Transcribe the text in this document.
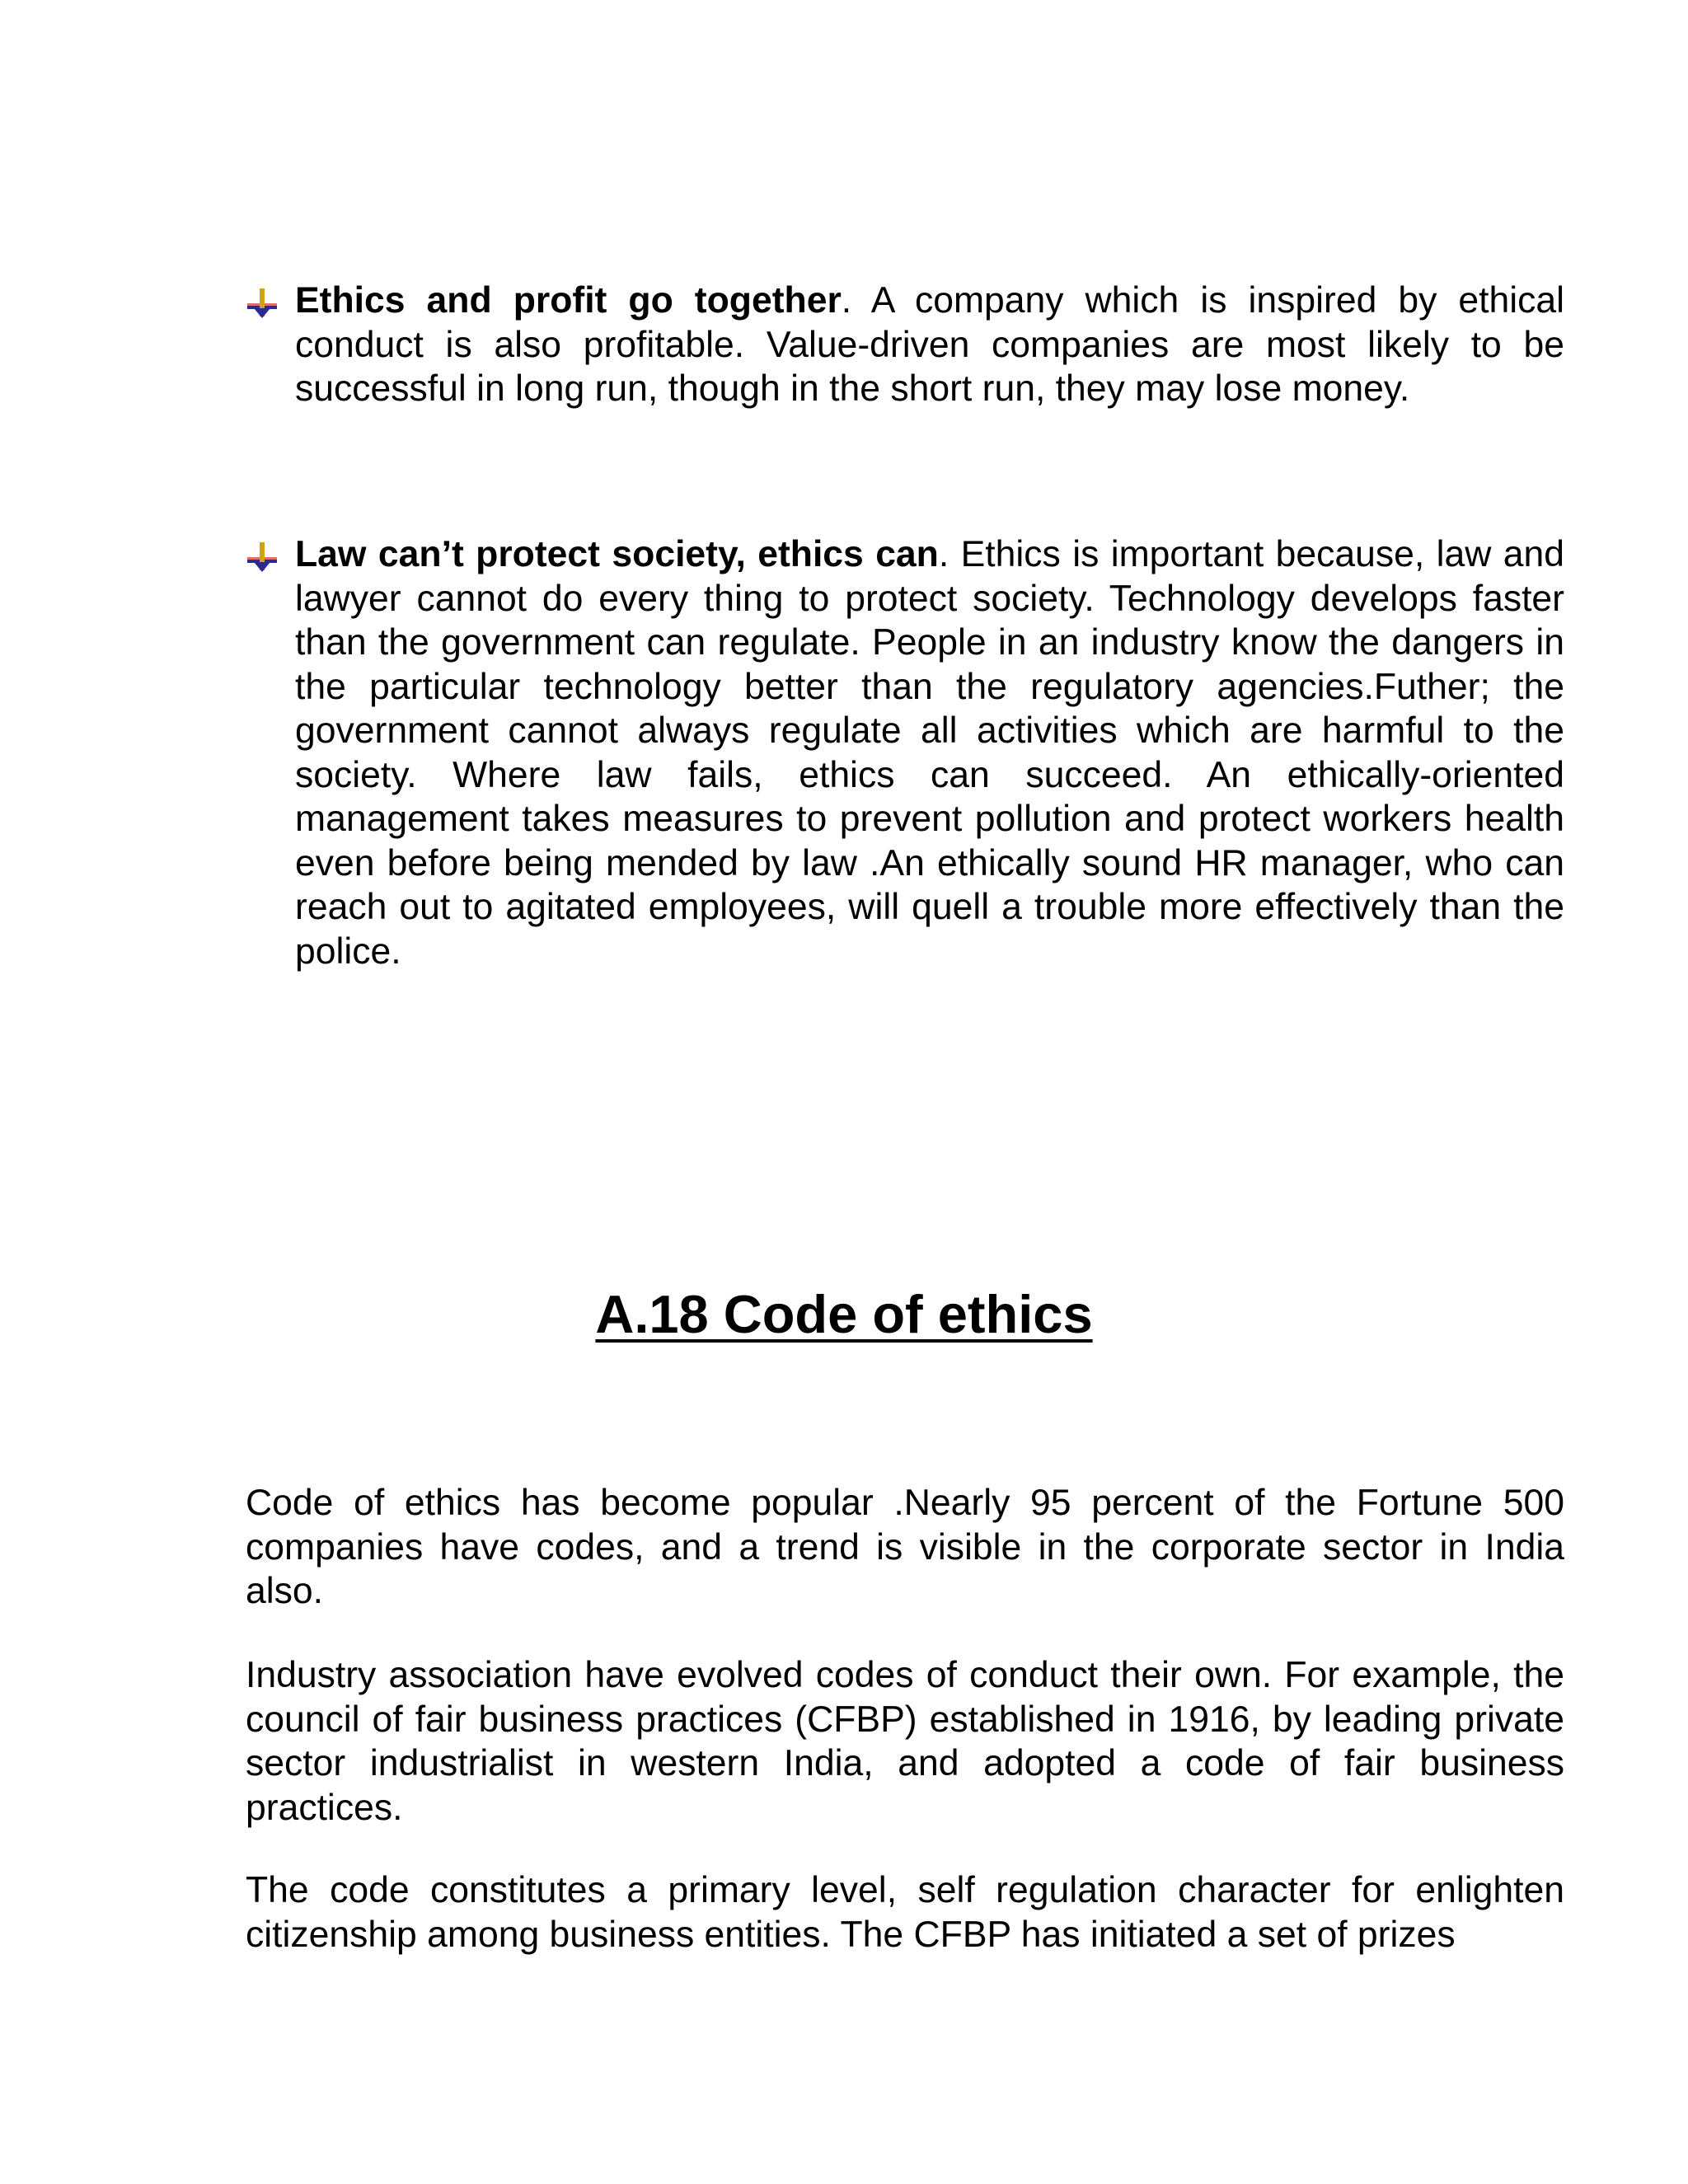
Ethics and profit go together. A company which is inspired by ethical conduct is also profitable. Value-driven companies are most likely to be successful in long run, though in the short run, they may lose money.
Law can’t protect society, ethics can. Ethics is important because, law and lawyer cannot do every thing to protect society. Technology develops faster than the government can regulate. People in an industry know the dangers in the particular technology better than the regulatory agencies.Futher; the government cannot always regulate all activities which are harmful to the society. Where law fails, ethics can succeed. An ethically-oriented management takes measures to prevent pollution and protect workers health even before being mended by law .An ethically sound HR manager, who can reach out to agitated employees, will quell a trouble more effectively than the police.
A.18 Code of ethics

Code of ethics has become popular .Nearly 95 percent of the Fortune 500 companies have codes, and a trend is visible in the corporate sector in India also.

Industry association have evolved codes of conduct their own. For example, the council of fair business practices (CFBP) established in 1916, by leading private sector industrialist in western India, and adopted a code of fair business practices.

The code constitutes a primary level, self regulation character for enlighten citizenship among business entities. The CFBP has initiated a set of prizes
